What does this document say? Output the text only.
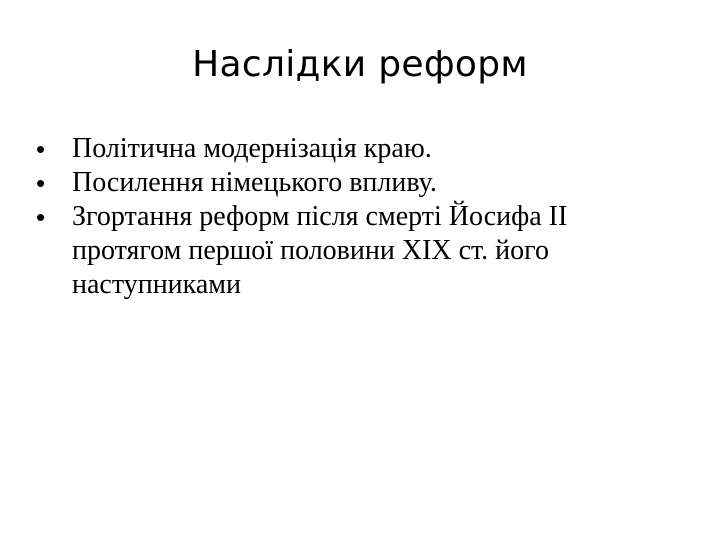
Наслідки реформ
• Політична модернізація краю.
• Посилення німецького впливу.
• Згортання реформ після смерті Йосифа ІІ протягом першої половини XIX ст. його наступниками
